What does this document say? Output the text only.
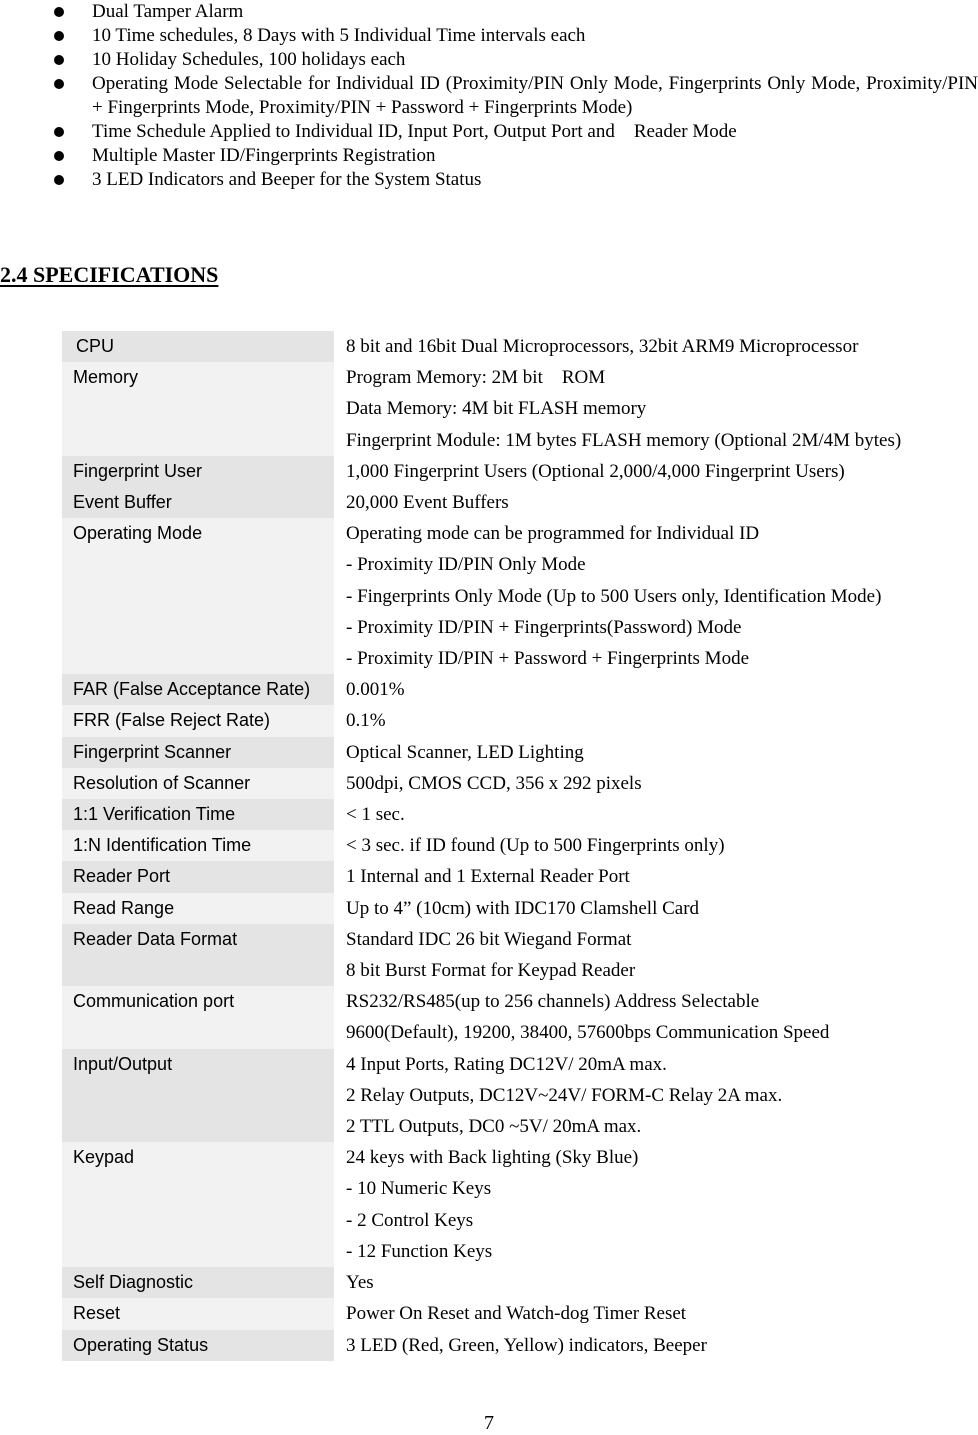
Dual Tamper Alarm
10 Time schedules, 8 Days with 5 Individual Time intervals each
10 Holiday Schedules, 100 holidays each
Operating Mode Selectable for Individual ID (Proximity/PIN Only Mode, Fingerprints Only Mode, Proximity/PIN + Fingerprints Mode, Proximity/PIN + Password + Fingerprints Mode)
Time Schedule Applied to Individual ID, Input Port, Output Port and    Reader Mode
Multiple Master ID/Fingerprints Registration
3 LED Indicators and Beeper for the System Status
2.4 SPECIFICATIONS
CPU	8 bit and 16bit Dual Microprocessors, 32bit ARM9 Microprocessor

Memory	Program Memory: 2M bit    ROM
Data Memory: 4M bit FLASH memory
Fingerprint Module: 1M bytes FLASH memory (Optional 2M/4M bytes)

Fingerprint User	1,000 Fingerprint Users (Optional 2,000/4,000 Fingerprint Users)

Event Buffer	20,000 Event Buffers

Operating Mode	Operating mode can be programmed for Individual ID
- Proximity ID/PIN Only Mode
- Fingerprints Only Mode (Up to 500 Users only, Identification Mode)
- Proximity ID/PIN + Fingerprints(Password) Mode
- Proximity ID/PIN + Password + Fingerprints Mode

FAR (False Acceptance Rate)	0.001%

FRR (False Reject Rate)	0.1%

Fingerprint Scanner	Optical Scanner, LED Lighting

Resolution of Scanner	500dpi, CMOS CCD, 356 x 292 pixels

1:1 Verification Time	< 1 sec.

1:N Identification Time	< 3 sec. if ID found (Up to 500 Fingerprints only)

Reader Port	1 Internal and 1 External Reader Port

Read Range	Up to 4” (10cm) with IDC170 Clamshell Card

Reader Data Format	Standard IDC 26 bit Wiegand Format
8 bit Burst Format for Keypad Reader

Communication port	RS232/RS485(up to 256 channels) Address Selectable
9600(Default), 19200, 38400, 57600bps Communication Speed

Input/Output	4 Input Ports, Rating DC12V/ 20mA max.
2 Relay Outputs, DC12V~24V/ FORM-C Relay 2A max.
2 TTL Outputs, DC0 ~5V/ 20mA max.

Keypad	24 keys with Back lighting (Sky Blue)
- 10 Numeric Keys
- 2 Control Keys
- 12 Function Keys

Self Diagnostic	Yes

Reset	Power On Reset and Watch-dog Timer Reset

Operating Status	3 LED (Red, Green, Yellow) indicators, Beeper

7
